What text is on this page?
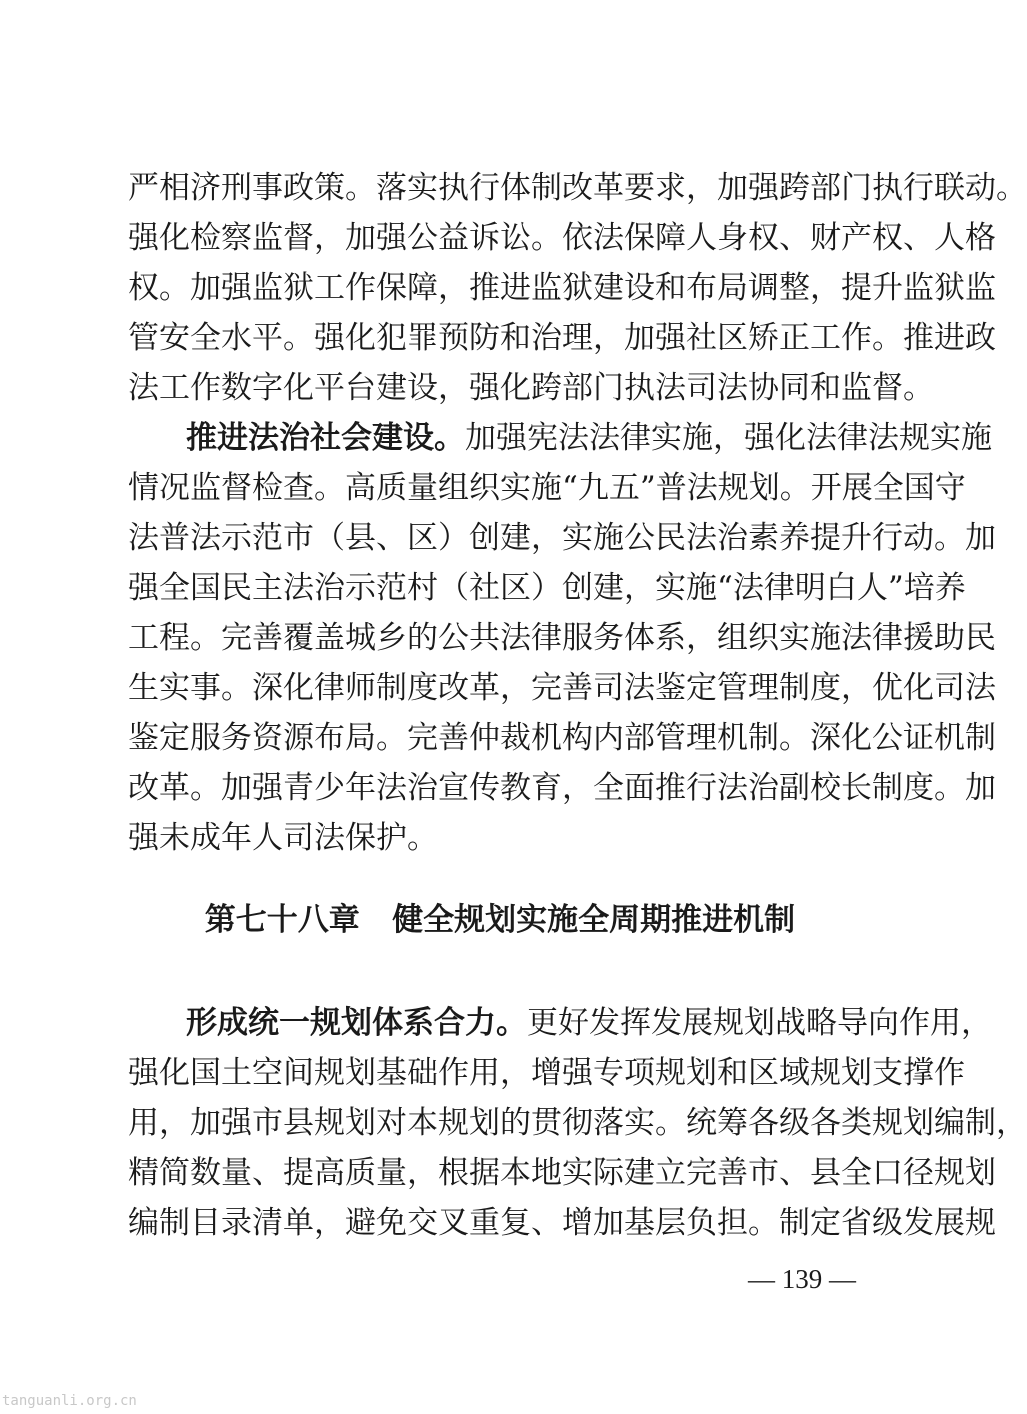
严相济刑事政策。落实执行体制改革要求，加强跨部门执行联动。
强化检察监督，加强公益诉讼。依法保障人身权、财产权、人格
权。加强监狱工作保障，推进监狱建设和布局调整，提升监狱监
管安全水平。强化犯罪预防和治理，加强社区矫正工作。推进政
法工作数字化平台建设，强化跨部门执法司法协同和监督。
推进法治社会建设。加强宪法法律实施，强化法律法规实施
情况监督检查。高质量组织实施“九五”普法规划。开展全国守
法普法示范市（县、区）创建，实施公民法治素养提升行动。加
强全国民主法治示范村（社区）创建，实施“法律明白人”培养
工程。完善覆盖城乡的公共法律服务体系，组织实施法律援助民
生实事。深化律师制度改革，完善司法鉴定管理制度，优化司法
鉴定服务资源布局。完善仲裁机构内部管理机制。深化公证机制
改革。加强青少年法治宣传教育，全面推行法治副校长制度。加
强未成年人司法保护。
第七十八章 健全规划实施全周期推进机制
形成统一规划体系合力。更好发挥发展规划战略导向作用，
强化国土空间规划基础作用，增强专项规划和区域规划支撑作
用，加强市县规划对本规划的贯彻落实。统筹各级各类规划编制，
精简数量、提高质量，根据本地实际建立完善市、县全口径规划
编制目录清单，避免交叉重复、增加基层负担。制定省级发展规
— 139 —
tanguanli.org.cn
